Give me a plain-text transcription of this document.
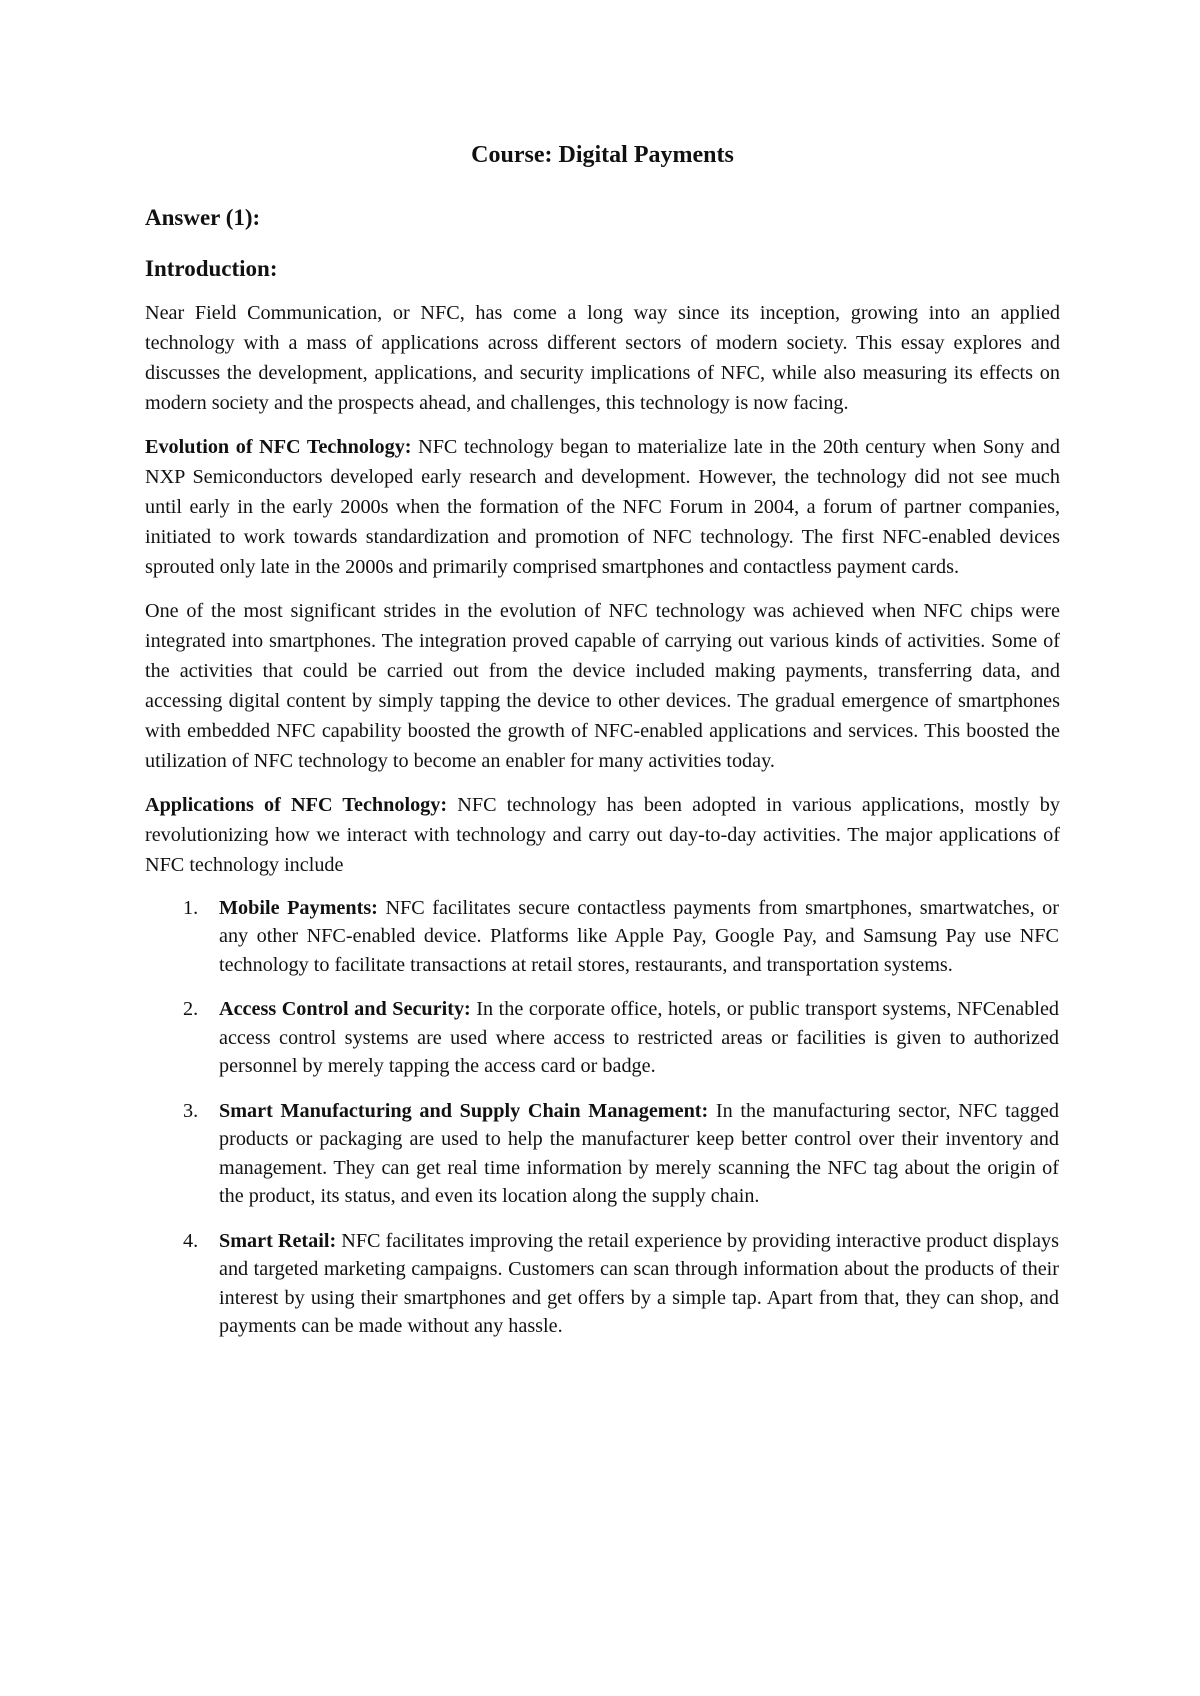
Course: Digital Payments
Answer (1):
Introduction:

Near Field Communication, or NFC, has come a long way since its inception, growing into an applied technology with a mass of applications across different sectors of modern society. This essay explores and discusses the development, applications, and security implications of NFC, while also measuring its effects on modern society and the prospects ahead, and challenges, this technology is now facing.

Evolution of NFC Technology: NFC technology began to materialize late in the 20th century when Sony and NXP Semiconductors developed early research and development. However, the technology did not see much until early in the early 2000s when the formation of the NFC Forum in 2004, a forum of partner companies, initiated to work towards standardization and promotion of NFC technology. The first NFC-enabled devices sprouted only late in the 2000s and primarily comprised smartphones and contactless payment cards.

One of the most significant strides in the evolution of NFC technology was achieved when NFC chips were integrated into smartphones. The integration proved capable of carrying out various kinds of activities. Some of the activities that could be carried out from the device included making payments, transferring data, and accessing digital content by simply tapping the device to other devices. The gradual emergence of smartphones with embedded NFC capability boosted the growth of NFC-enabled applications and services. This boosted the utilization of NFC technology to become an enabler for many activities today.

Applications of NFC Technology: NFC technology has been adopted in various applications, mostly by revolutionizing how we interact with technology and carry out day-to-day activities. The major applications of NFC technology include

1. Mobile Payments: NFC facilitates secure contactless payments from smartphones, smartwatches, or any other NFC-enabled device. Platforms like Apple Pay, Google Pay, and Samsung Pay use NFC technology to facilitate transactions at retail stores, restaurants, and transportation systems.
2. Access Control and Security: In the corporate office, hotels, or public transport systems, NFCenabled access control systems are used where access to restricted areas or facilities is given to authorized personnel by merely tapping the access card or badge.
3. Smart Manufacturing and Supply Chain Management: In the manufacturing sector, NFC tagged products or packaging are used to help the manufacturer keep better control over their inventory and management. They can get real time information by merely scanning the NFC tag about the origin of the product, its status, and even its location along the supply chain.
4. Smart Retail: NFC facilitates improving the retail experience by providing interactive product displays and targeted marketing campaigns. Customers can scan through information about the products of their interest by using their smartphones and get offers by a simple tap. Apart from that, they can shop, and payments can be made without any hassle.
